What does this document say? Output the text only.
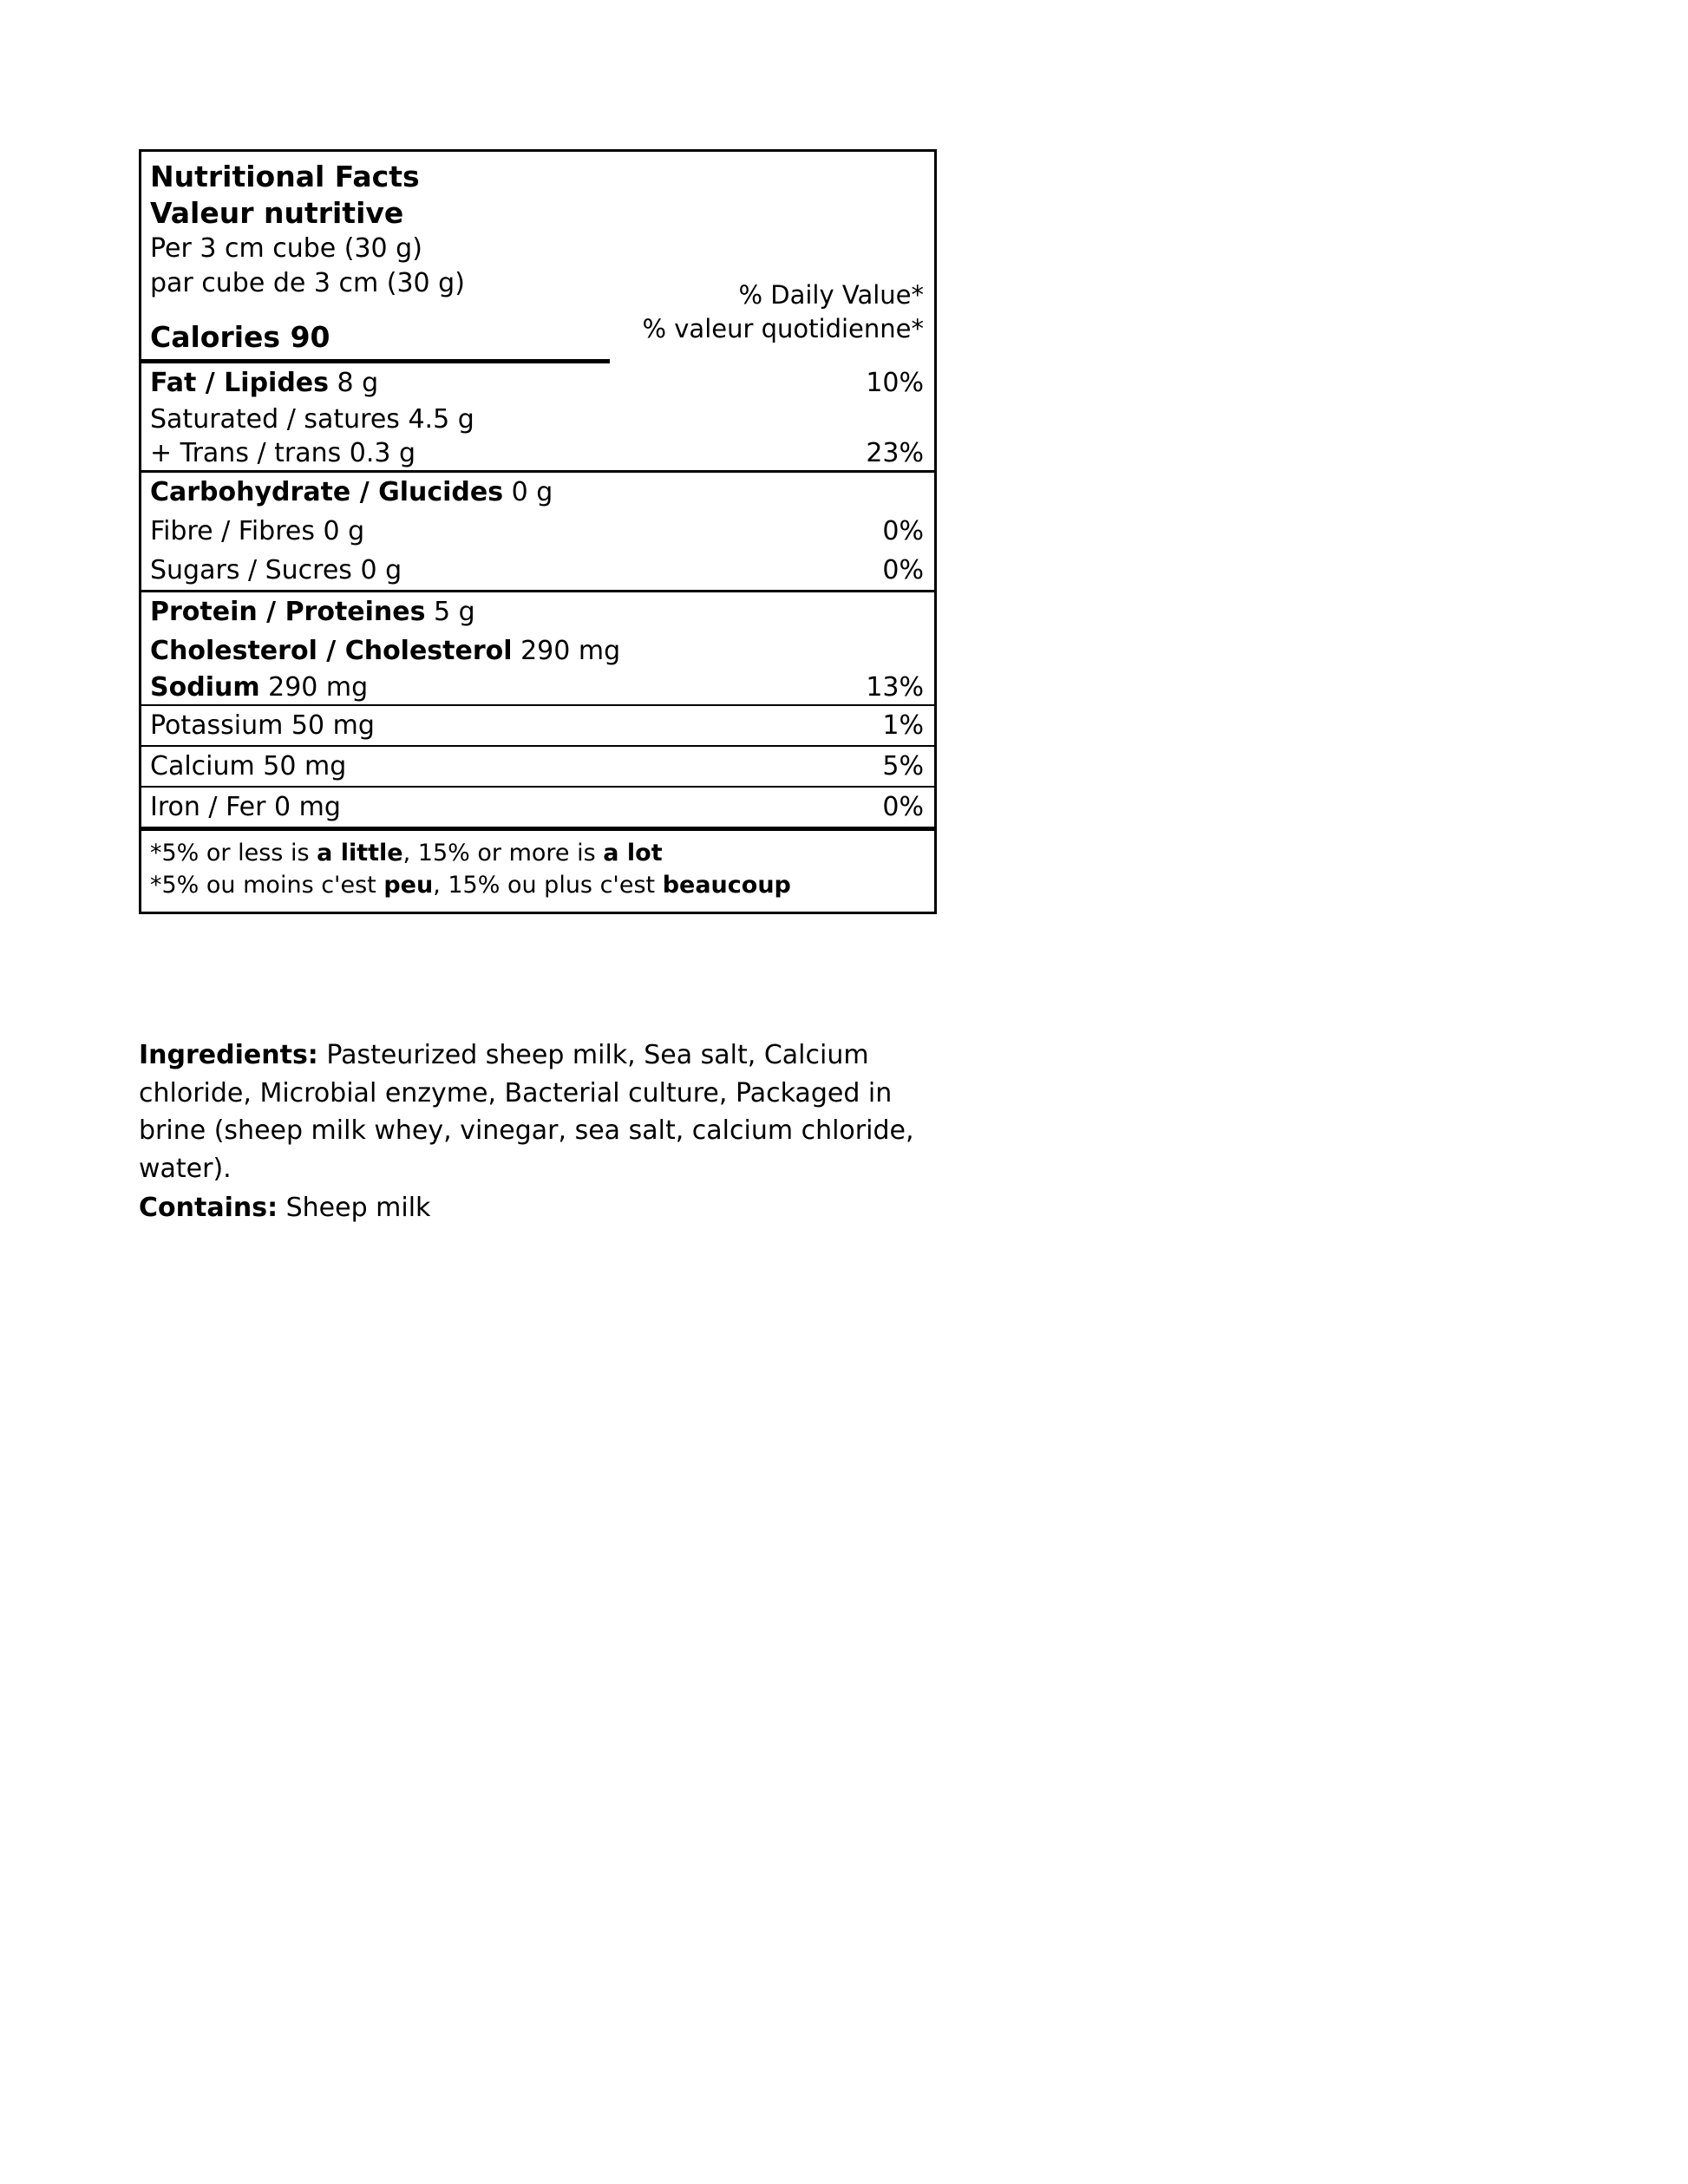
Nutritional Facts
Valeur nutritive
Per 3 cm cube (30 g)
par cube de 3 cm (30 g)	% Daily Value*
% valeur quotidienne*
Calories 90
Fat / Lipides 8 g	10%
Saturated / satures 4.5 g
+ Trans / trans 0.3 g	23%
Carbohydrate / Glucides 0 g
Fibre / Fibres 0 g	0%
Sugars / Sucres 0 g	0%
Protein / Proteines 5 g
Cholesterol / Cholesterol 290 mg
Sodium 290 mg	13%
Potassium 50 mg	1%
Calcium 50 mg	5%
Iron / Fer 0 mg	0%
*5% or less is a little, 15% or more is a lot
*5% ou moins c'est peu, 15% ou plus c'est beaucoup
Ingredients: Pasteurized sheep milk, Sea salt, Calcium chloride, Microbial enzyme, Bacterial culture, Packaged in brine (sheep milk whey, vinegar, sea salt, calcium chloride, water).
Contains: Sheep milk
